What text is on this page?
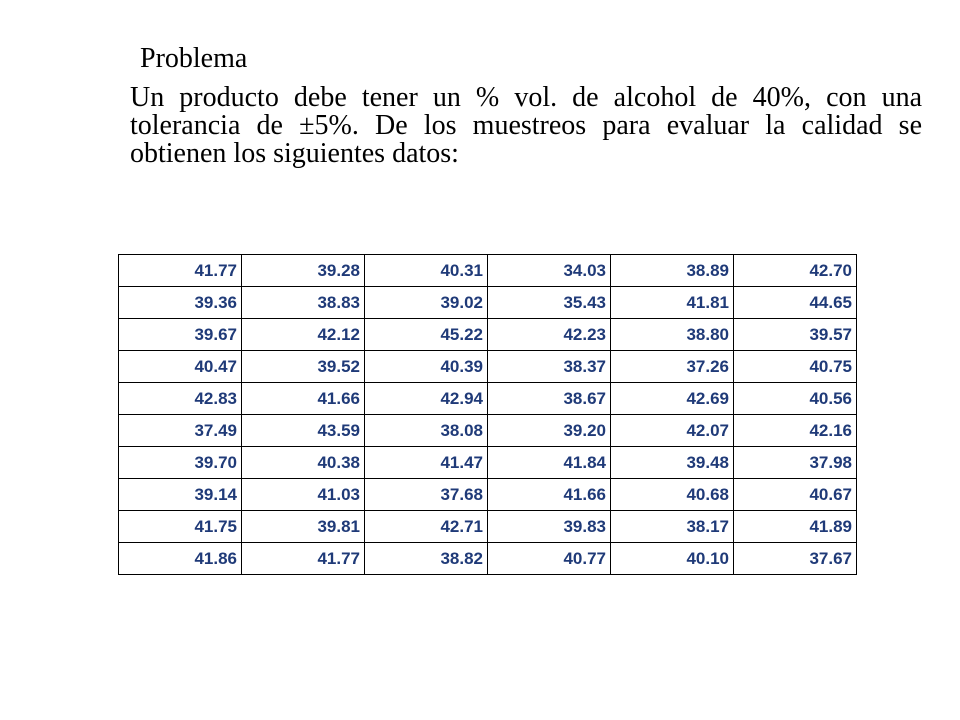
Problema

Un producto debe tener un % vol. de alcohol de 40%, con una tolerancia de ±5%. De los muestreos para evaluar la calidad se obtienen los siguientes datos:

41.77	39.28	40.31	34.03	38.89	42.70
39.36	38.83	39.02	35.43	41.81	44.65
39.67	42.12	45.22	42.23	38.80	39.57
40.47	39.52	40.39	38.37	37.26	40.75
42.83	41.66	42.94	38.67	42.69	40.56
37.49	43.59	38.08	39.20	42.07	42.16
39.70	40.38	41.47	41.84	39.48	37.98
39.14	41.03	37.68	41.66	40.68	40.67
41.75	39.81	42.71	39.83	38.17	41.89
41.86	41.77	38.82	40.77	40.10	37.67
